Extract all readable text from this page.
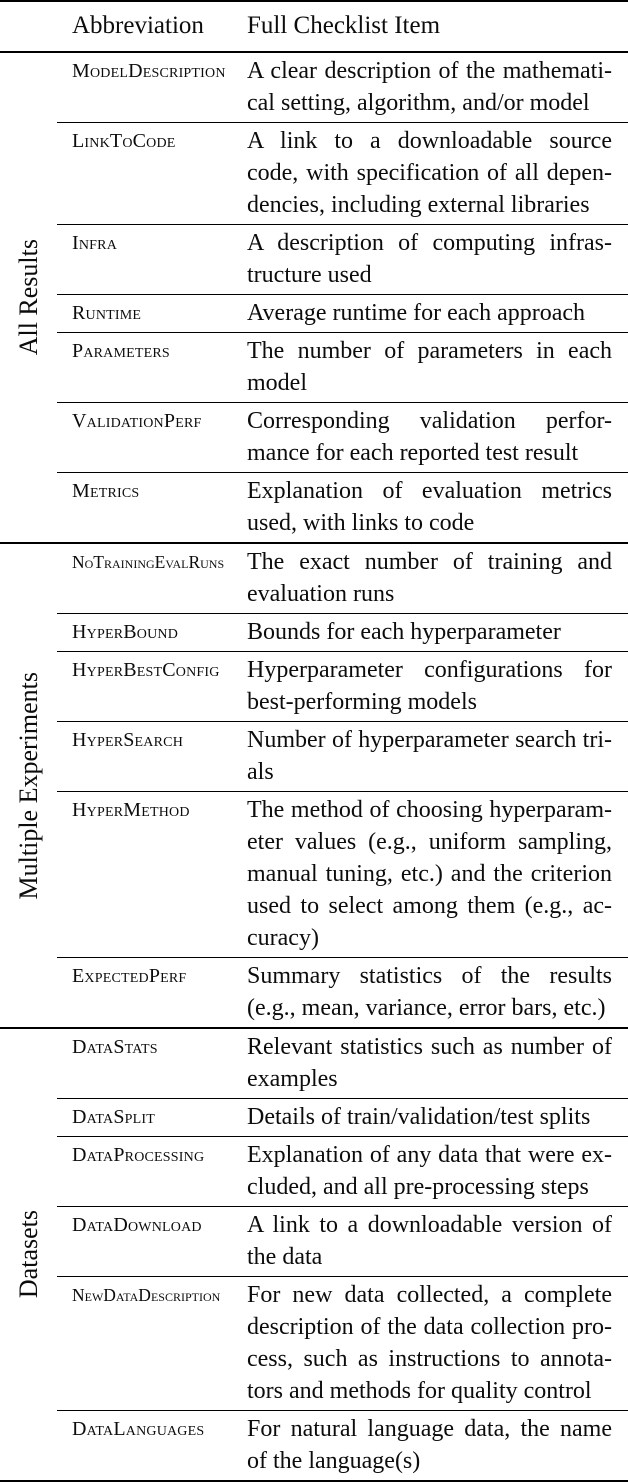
Abbreviation	Full Checklist Item
All Results
ModelDescription A clear description of the mathemati-
cal setting, algorithm, and/or model
LinkToCode	A link to a downloadable source
code, with specification of all depen-
dencies, including external libraries
Infra	A description of computing infras-
tructure used
Runtime	Average runtime for each approach
Parameters	The number of parameters in each
model
ValidationPerf	Corresponding validation perfor-
mance for each reported test result
Metrics	Explanation of evaluation metrics
used, with links to code
Multiple Experiments
NoTrainingEvalRuns The exact number of training and
evaluation runs
HyperBound	Bounds for each hyperparameter
HyperBestConfig	Hyperparameter configurations for
best-performing models
HyperSearch	Number of hyperparameter search tri-
als
HyperMethod	The method of choosing hyperparam-
eter values (e.g., uniform sampling,
manual tuning, etc.) and the criterion
used to select among them (e.g., ac-
curacy)
ExpectedPerf	Summary statistics of the results
(e.g., mean, variance, error bars, etc.)
Datasets
DataStats	Relevant statistics such as number of
examples
DataSplit	Details of train/validation/test splits
DataProcessing	Explanation of any data that were ex-
cluded, and all pre-processing steps
DataDownload	A link to a downloadable version of
the data
NewDataDescription	For new data collected, a complete
description of the data collection pro-
cess, such as instructions to annota-
tors and methods for quality control
DataLanguages	For natural language data, the name
of the language(s)
